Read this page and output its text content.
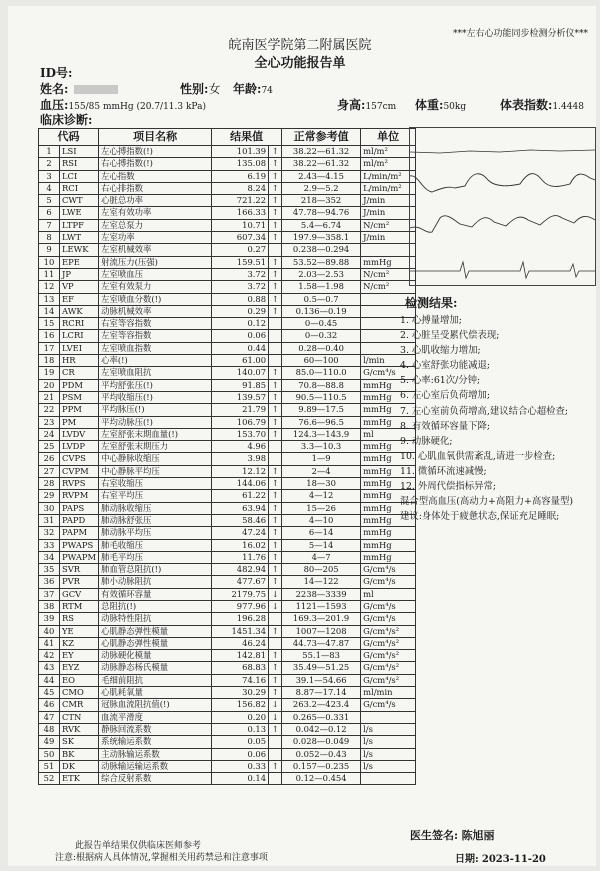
***左右心功能同步检测分析仪***
皖南医学院第二附属医院
全心功能报告单
ID号:
姓名:	性别:女 年龄:74
血压:155/85 mmHg (20.7/11.3 kPa)	身高:157cm 体重:50kg	体表指数:1.4448
临床诊断:
代码		项目名称	结果值		正常参考值	单位
1	LSI	左心搏指数(!)	101.39	↑	38.22—61.32	ml/m²
2	RSI	右心搏指数(!)	135.08	↑	38.22—61.32	ml/m²
3	LCI	左心指数	6.19	↑	2.43—4.15	L/min/m²
4	RCI	右心排指数	8.24	↑	2.9—5.2	L/min/m²
5	CWT	心脏总功率	721.22	↑	218—352	J/min
6	LWE	左室有效功率	166.33	↑	47.78—94.76	J/min
7	LTPF	左室总泵力	10.71	↑	5.4—6.74	N/cm²
8	LWT	左室功率	607.34	↑	197.9—358.1	J/min
9	LEWK	左室机械效率	0.27		0.238—0.294	
10	EPE	射流压力(压强)	159.51	↑	53.52—89.88	mmHg
11	JP	左室喷血压	3.72	↑	2.03—2.53	N/cm²
12	VP	左室有效泵力	3.72	↑	1.58—1.98	N/cm²
13	EF	左室喷血分数(!)	0.88	↑	0.5—0.7	
14	AWK	动脉机械效率	0.29	↑	0.136—0.19	
15	RCRI	右室等容指数	0.12		0—0.45	
16	LCRI	左室等容指数	0.06		0—0.32	
17	LVEI	左室喷血指数	0.44		0.28—0.40	
18	HR	心率(!)	61.00		60—100	l/min
19	CR	左室喷血阻抗	140.07	↑	85.0—110.0	G/cm⁴/s
20	PDM	平均舒张压(!)	91.85	↑	70.8—88.8	mmHg
21	PSM	平均收缩压(!)	139.57	↑	90.5—110.5	mmHg
22	PPM	平均脉压(!)	21.79	↑	9.89—17.5	mmHg
23	PM	平均动脉压(!)	106.79	↑	76.6—96.5	mmHg
24	LVDV	左室舒张末期血量(!)	153.70	↑	124.3—143.9	ml
25	LVDP	左室舒张末期压力	4.96		3.3—10.3	mmHg
26	CVPS	中心静脉收缩压	3.98		1—9	mmHg
27	CVPM	中心静脉平均压	12.12	↑	2—4	mmHg
28	RVPS	右室收缩压	144.06	↑	18—30	mmHg
29	RVPM	右室平均压	61.22	↑	4—12	mmHg
30	PAPS	肺动脉收缩压	63.94	↑	15—26	mmHg
31	PAPD	肺动脉舒张压	58.46	↑	4—10	mmHg
32	PAPM	肺动脉平均压	47.24	↑	6—14	mmHg
33	PWAPS	肺毛收缩压	16.02	↑	5—14	mmHg
34	PWAPM	肺毛平均压	11.76	↑	4—7	mmHg
35	SVR	肺血管总阻抗(!)	482.94	↑	80—205	G/cm⁴/s
36	PVR	肺小动脉阻抗	477.67	↑	14—122	G/cm⁴/s
37	GCV	有效循环容量	2179.75	↓	2238—3339	ml
38	RTM	总阻抗(!)	977.96	↓	1121—1593	G/cm⁴/s
39	RS	动脉特性阻抗	196.28		169.3—201.9	G/cm⁴/s
40	YE	心肌静态弹性模量	1451.34	↑	1007—1208	G/cm⁴/s²
41	KZ	心肌静态弹性模量	46.24		44.73—47.87	G/cm⁴/s²
42	EY	动脉硬化模量	142.81	↑	55.1—83	G/cm⁴/s²
43	EYZ	动脉静态杨氏模量	68.83	↑	35.49—51.25	G/cm⁴/s²
44	EO	毛细前阻抗	74.16	↑	39.1—54.66	G/cm⁴/s²
45	CMO	心肌耗氧量	30.29	↑	8.87—17.14	ml/min
46	CMR	冠脉血流阻抗值(!)	156.82	↓	263.2—423.4	G/cm⁴/s
47	CTN	血流平滑度	0.20	↓	0.265—0.331	
48	RVK	静脉回流系数	0.13	↑	0.042—0.12	l/s
49	SK	系统输运系数	0.05		0.028—0.049	l/s
50	BK	主动脉输运系数	0.06		0.052—0.43	l/s
51	DK	动脉输运输运系数	0.33	↑	0.157—0.235	l/s
52	ETK	综合反射系数	0.14		0.12—0.454	
检测结果:
1. 心搏量增加;
2. 心脏呈受累代偿表现;
3. 心肌收缩力增加;
4. 心室舒张功能减退;
5. 心率:61次/分钟;
6. 左心室后负荷增加;
7. 左心室前负荷增高,建议结合心超检查;
8. 有效循环容量下降;
9. 动脉硬化;
10. 心肌血氧供需紊乱,请进一步检查;
11. 微循环流速减慢;
12. 外周代偿指标异常;
混合型高血压(高动力+高阻力+高容量型)
建议:身体处于疲惫状态,保证充足睡眠;
此报告单结果仅供临床医师参考
注意:根据病人具体情况,掌握相关用药禁忌和注意事项
医生签名: 陈旭丽
日期: 2023-11-20
